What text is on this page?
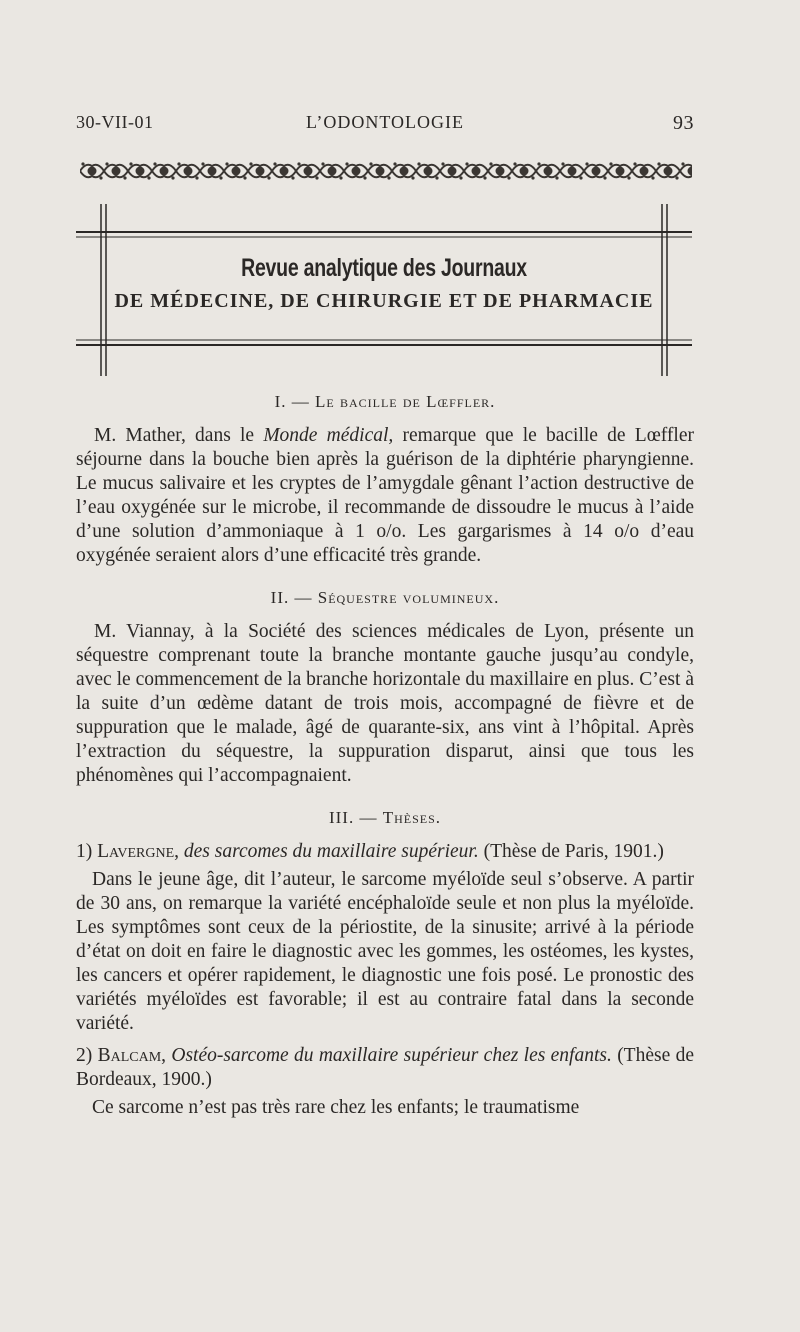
30-VII-01	L’ODONTOLOGIE	93
Revue analytique des Journaux
DE MÉDECINE, DE CHIRURGIE ET DE PHARMACIE
I. — Le bacille de Lœffler.

M. Mather, dans le Monde médical, remarque que le bacille de Lœffler séjourne dans la bouche bien après la guérison de la diphtérie pharyngienne. Le mucus salivaire et les cryptes de l’amygdale gênant l’action destructive de l’eau oxygénée sur le microbe, il recommande de dissoudre le mucus à l’aide d’une solution d’ammoniaque à 1 o/o. Les gargarismes à 14 o/o d’eau oxygénée seraient alors d’une efficacité très grande.

II. — Séquestre volumineux.

M. Viannay, à la Société des sciences médicales de Lyon, présente un séquestre comprenant toute la branche montante gauche jusqu’au condyle, avec le commencement de la branche horizontale du maxillaire en plus. C’est à la suite d’un œdème datant de trois mois, accompagné de fièvre et de suppuration que le malade, âgé de quarante-six, ans vint à l’hôpital. Après l’extraction du séquestre, la suppuration disparut, ainsi que tous les phénomènes qui l’accompagnaient.

III. — Thèses.

1) Lavergne, des sarcomes du maxillaire supérieur. (Thèse de Paris, 1901.)

Dans le jeune âge, dit l’auteur, le sarcome myéloïde seul s’observe. A partir de 30 ans, on remarque la variété encéphaloïde seule et non plus la myéloïde. Les symptômes sont ceux de la périostite, de la sinusite; arrivé à la période d’état on doit en faire le diagnostic avec les gommes, les ostéomes, les kystes, les cancers et opérer rapidement, le diagnostic une fois posé. Le pronostic des variétés myéloïdes est favorable; il est au contraire fatal dans la seconde variété.

2) Balcam, Ostéo-sarcome du maxillaire supérieur chez les enfants. (Thèse de Bordeaux, 1900.)

Ce sarcome n’est pas très rare chez les enfants; le traumatisme
